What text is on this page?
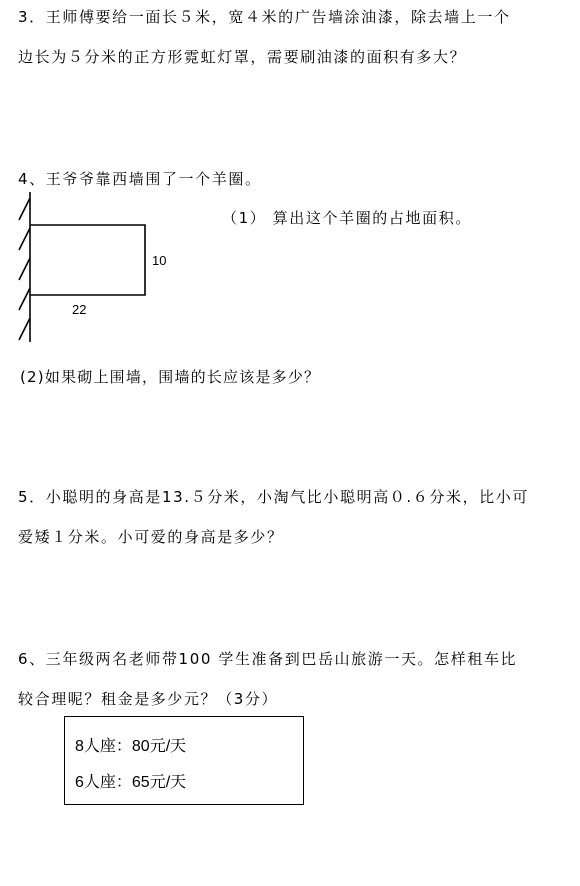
3．王师傅要给一面长５米，宽４米的广告墙涂油漆，除去墙上一个
边长为５分米的正方形霓虹灯罩，需要刷油漆的面积有多大？
4、王爷爷靠西墙围了一个羊圈。
10
22
（1） 算出这个羊圈的占地面积。
(2)如果砌上围墙，围墙的长应该是多少？
5．小聪明的身高是13.５分米，小淘气比小聪明高０.６分米，比小可
爱矮１分米。小可爱的身高是多少？
6、三年级两名老师带100 学生准备到巴岳山旅游一天。怎样租车比
较合理呢？租金是多少元？（3分）
8人座：80元/天
6人座：65元/天
